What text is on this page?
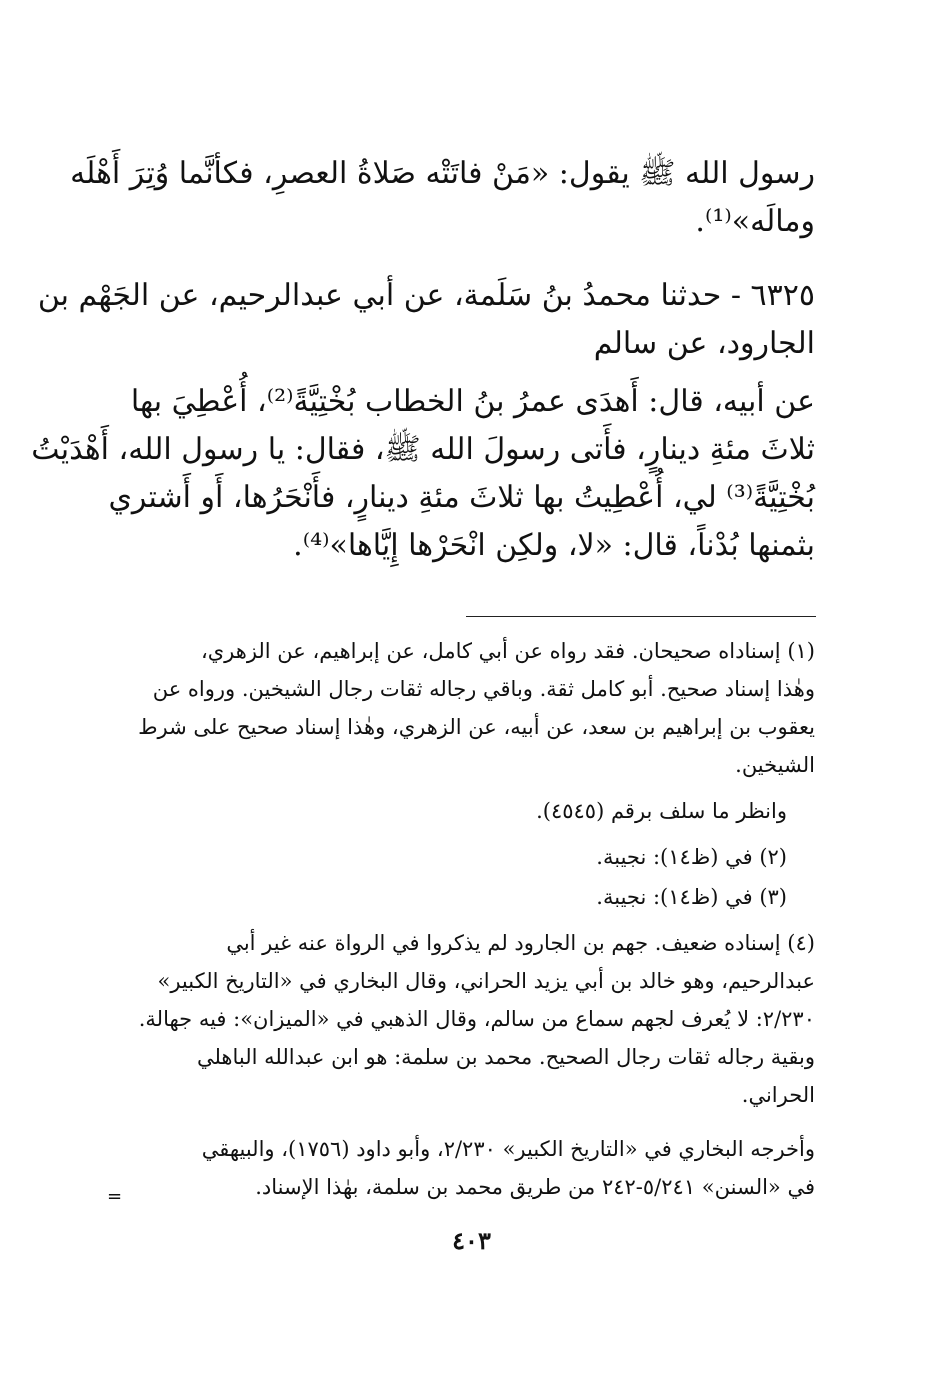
رسول الله ﷺ يقول: «مَنْ فاتَتْه صَلاةُ العصرِ، فكأنَّما وُتِرَ أَهْلَه
ومالَه»⁽¹⁾.
٦٣٢٥ - حدثنا محمدُ بنُ سَلَمة، عن أبي عبدالرحيم، عن الجَهْم بن
الجارود، عن سالم
عن أبيه، قال: أَهدَى عمرُ بنُ الخطاب بُخْتِيَّةً⁽²⁾، أُعْطِيَ بها
ثلاثَ مئةِ دينارٍ، فأَتى رسولَ الله ﷺ، فقال: يا رسول الله، أَهْدَيْتُ
بُخْتِيَّةً⁽³⁾ لي، أُعْطِيتُ بها ثلاثَ مئةِ دينارٍ، فأَنْحَرُها، أَو أَشتري
بثمنها بُدْناً، قال: «لا، ولكِن انْحَرْها إِيَّاها»⁽⁴⁾.
(١) إسناداه صحيحان. فقد رواه عن أبي كامل، عن إبراهيم، عن الزهري،
وهٰذا إسناد صحيح. أبو كامل ثقة. وباقي رجاله ثقات رجال الشيخين. ورواه عن
يعقوب بن إبراهيم بن سعد، عن أبيه، عن الزهري، وهٰذا إسناد صحيح على شرط
الشيخين.
وانظر ما سلف برقم (٤٥٤٥).
(٢) في (ظ١٤): نجيبة.
(٣) في (ظ١٤): نجيبة.
(٤) إسناده ضعيف. جهم بن الجارود لم يذكروا في الرواة عنه غير أبي
عبدالرحيم، وهو خالد بن أبي يزيد الحراني، وقال البخاري في «التاريخ الكبير»
٢/٢٣٠: لا يُعرف لجهم سماع من سالم، وقال الذهبي في «الميزان»: فيه جهالة.
وبقية رجاله ثقات رجال الصحيح. محمد بن سلمة: هو ابن عبدالله الباهلي
الحراني.
وأخرجه البخاري في «التاريخ الكبير» ٢/٢٣٠، وأبو داود (١٧٥٦)، والبيهقي
في «السنن» ٥/٢٤١-٢٤٢ من طريق محمد بن سلمة، بهٰذا الإسناد.
=
٤٠٣
